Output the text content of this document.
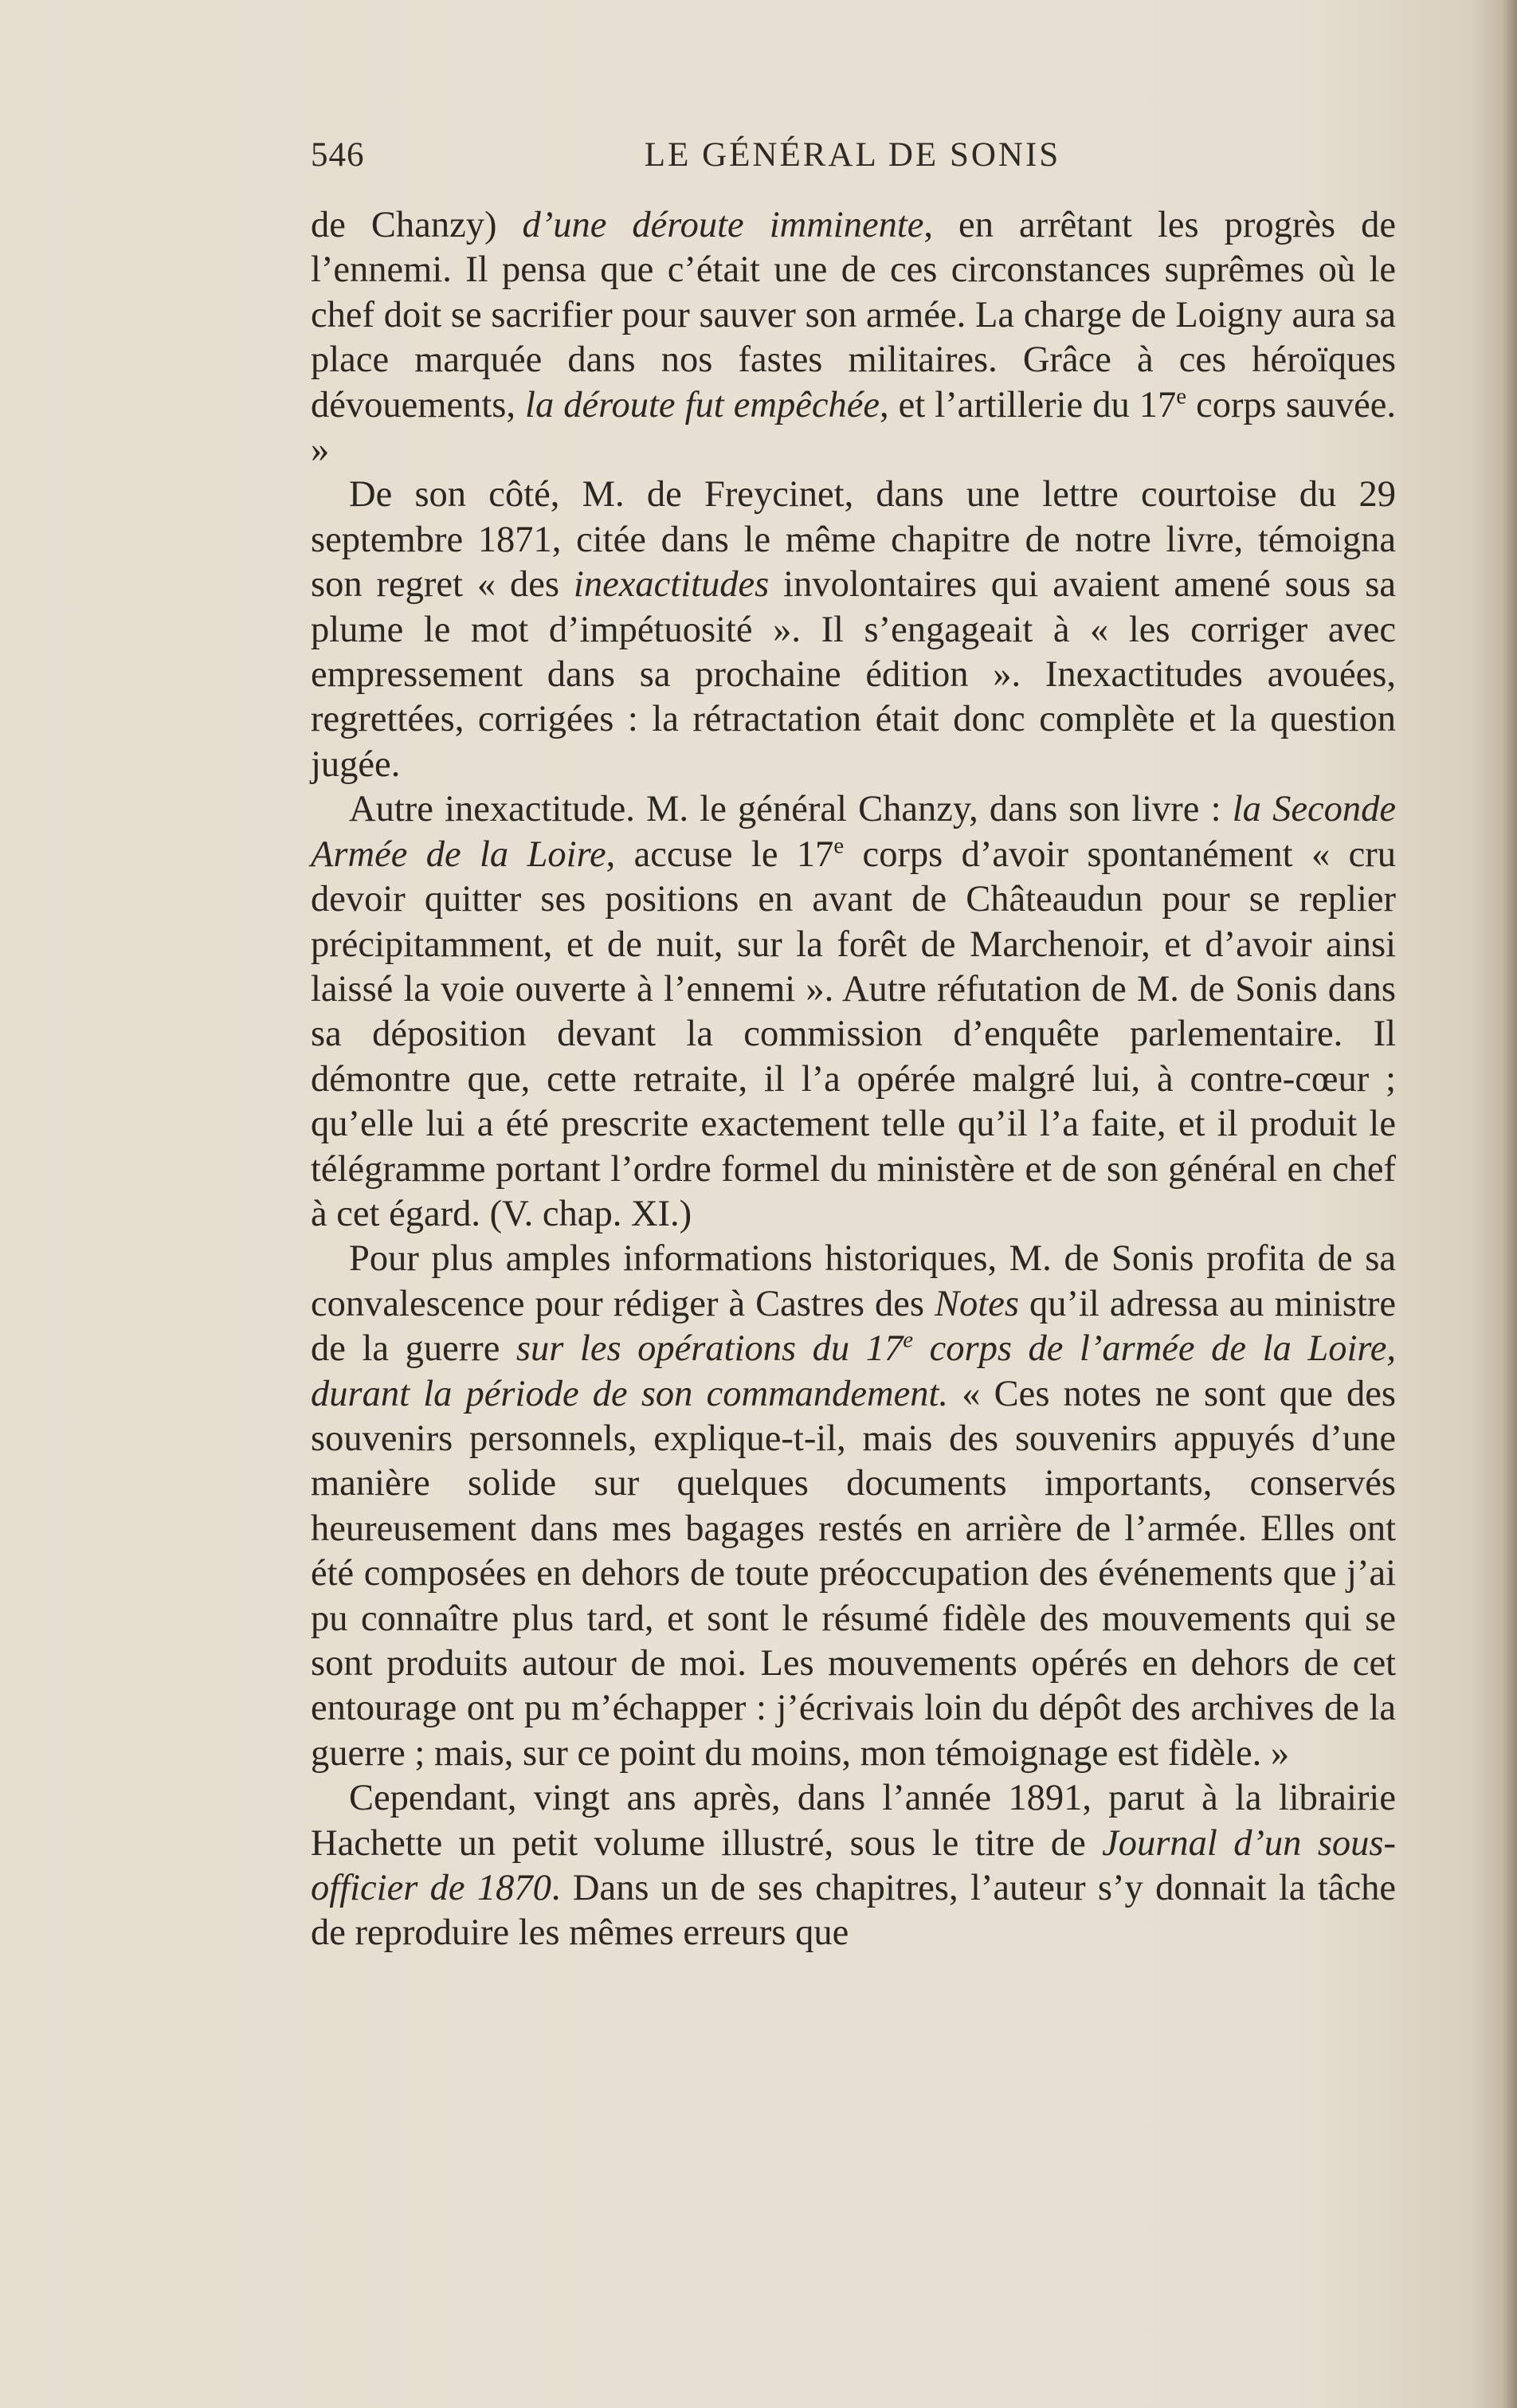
546	LE GÉNÉRAL DE SONIS

de Chanzy) d’une déroute imminente, en arrêtant les progrès de l’ennemi. Il pensa que c’était une de ces circonstances suprêmes où le chef doit se sacrifier pour sauver son armée. La charge de Loigny aura sa place marquée dans nos fastes militaires. Grâce à ces héroïques dévouements, la déroute fut empêchée, et l’artillerie du 17e corps sauvée. »

De son côté, M. de Freycinet, dans une lettre courtoise du 29 septembre 1871, citée dans le même chapitre de notre livre, témoigna son regret « des inexactitudes involontaires qui avaient amené sous sa plume le mot d’impétuosité ». Il s’engageait à « les corriger avec empressement dans sa prochaine édition ». Inexactitudes avouées, regrettées, corrigées : la rétractation était donc complète et la question jugée.

Autre inexactitude. M. le général Chanzy, dans son livre : la Seconde Armée de la Loire, accuse le 17e corps d’avoir spontanément « cru devoir quitter ses positions en avant de Châteaudun pour se replier précipitamment, et de nuit, sur la forêt de Marchenoir, et d’avoir ainsi laissé la voie ouverte à l’ennemi ». Autre réfutation de M. de Sonis dans sa déposition devant la commission d’enquête parlementaire. Il démontre que, cette retraite, il l’a opérée malgré lui, à contre-cœur ; qu’elle lui a été prescrite exactement telle qu’il l’a faite, et il produit le télégramme portant l’ordre formel du ministère et de son général en chef à cet égard. (V. chap. XI.)

Pour plus amples informations historiques, M. de Sonis profita de sa convalescence pour rédiger à Castres des Notes qu’il adressa au ministre de la guerre sur les opérations du 17e corps de l’armée de la Loire, durant la période de son commandement. « Ces notes ne sont que des souvenirs personnels, explique-t-il, mais des souvenirs appuyés d’une manière solide sur quelques documents importants, conservés heureusement dans mes bagages restés en arrière de l’armée. Elles ont été composées en dehors de toute préoccupation des événements que j’ai pu connaître plus tard, et sont le résumé fidèle des mouvements qui se sont produits autour de moi. Les mouvements opérés en dehors de cet entourage ont pu m’échapper : j’écrivais loin du dépôt des archives de la guerre ; mais, sur ce point du moins, mon témoignage est fidèle. »

Cependant, vingt ans après, dans l’année 1891, parut à la librairie Hachette un petit volume illustré, sous le titre de Journal d’un sous-officier de 1870. Dans un de ses chapitres, l’auteur s’y donnait la tâche de reproduire les mêmes erreurs que
